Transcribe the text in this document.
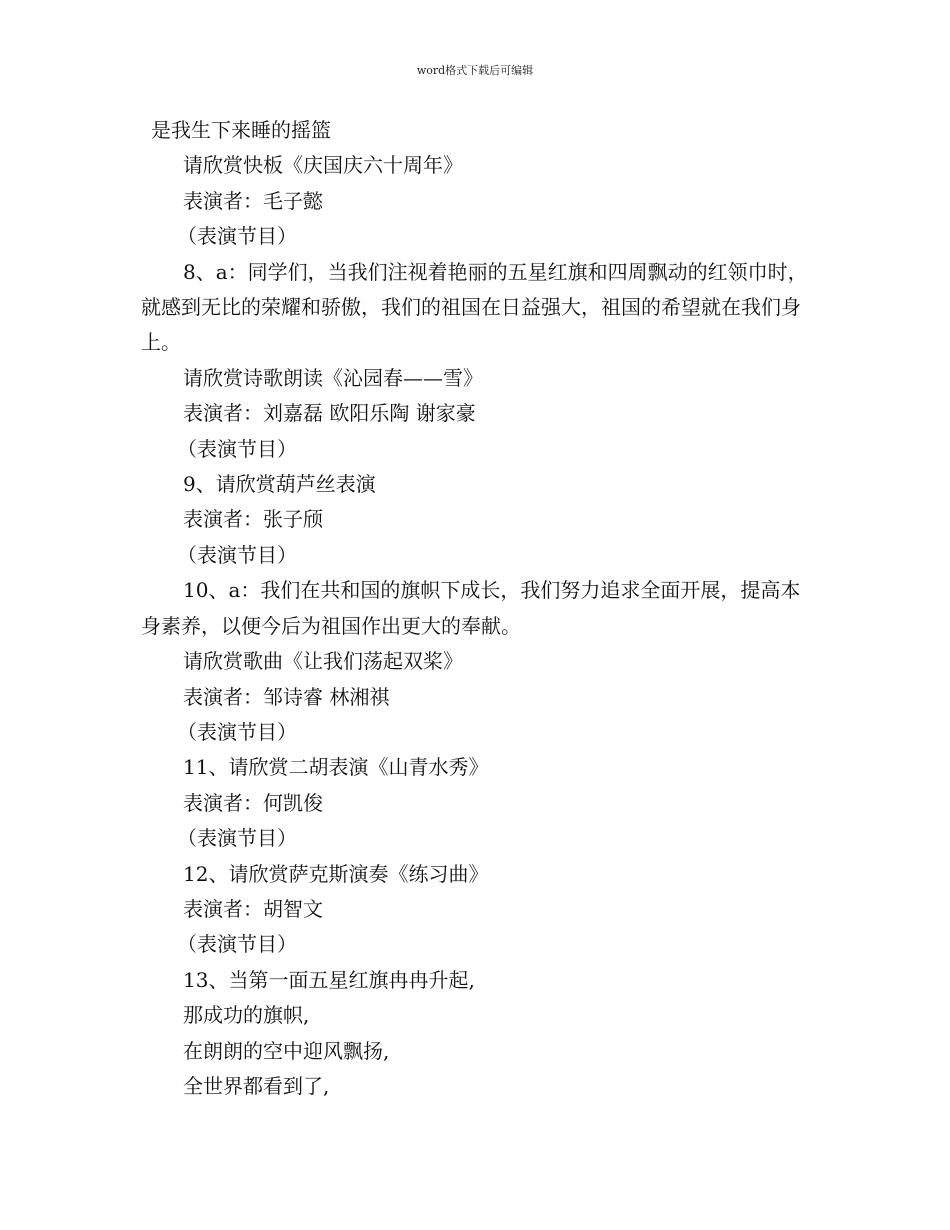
word格式下载后可编辑
是我生下来睡的摇篮
请欣赏快板《庆国庆六十周年》
表演者：毛子懿
（表演节目）
8、a：同学们，当我们注视着艳丽的五星红旗和四周飘动的红领巾时，就感到无比的荣耀和骄傲，我们的祖国在日益强大，祖国的希望就在我们身上。
请欣赏诗歌朗读《沁园春——雪》
表演者：刘嘉磊 欧阳乐陶 谢家豪
（表演节目）
9、请欣赏葫芦丝表演
表演者：张子颀
（表演节目）
10、a：我们在共和国的旗帜下成长，我们努力追求全面开展，提高本身素养，以便今后为祖国作出更大的奉献。
请欣赏歌曲《让我们荡起双桨》
表演者：邹诗睿 林湘祺
（表演节目）
11、请欣赏二胡表演《山青水秀》
表演者：何凯俊
（表演节目）
12、请欣赏萨克斯演奏《练习曲》
表演者：胡智文
（表演节目）
13、当第一面五星红旗冉冉升起,
那成功的旗帜,
在朗朗的空中迎风飘扬,
全世界都看到了,
